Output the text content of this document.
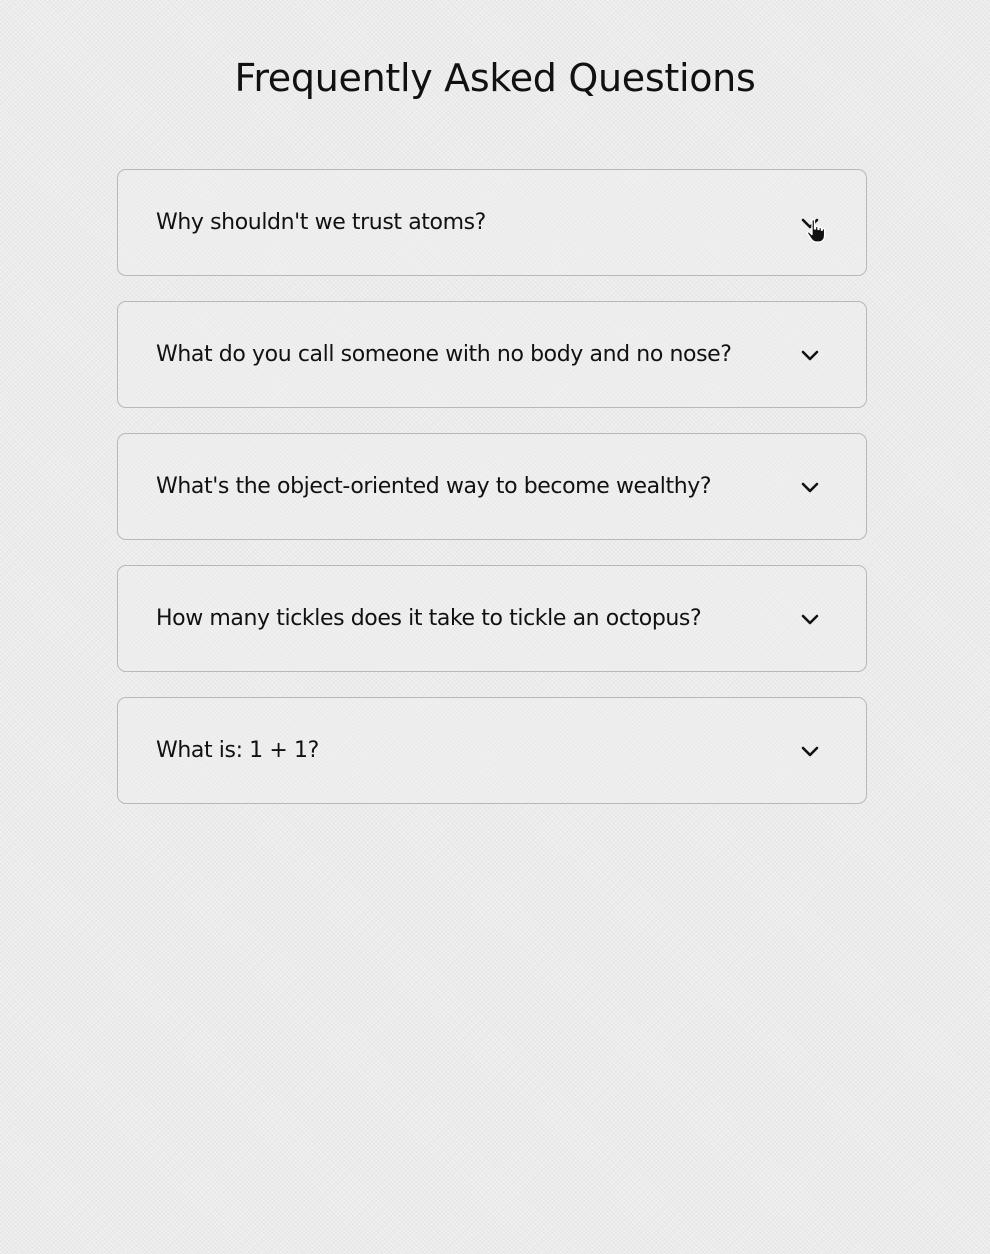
Frequently Asked Questions
Why shouldn't we trust atoms?
What do you call someone with no body and no nose?
What's the object-oriented way to become wealthy?
How many tickles does it take to tickle an octopus?
What is: 1 + 1?
